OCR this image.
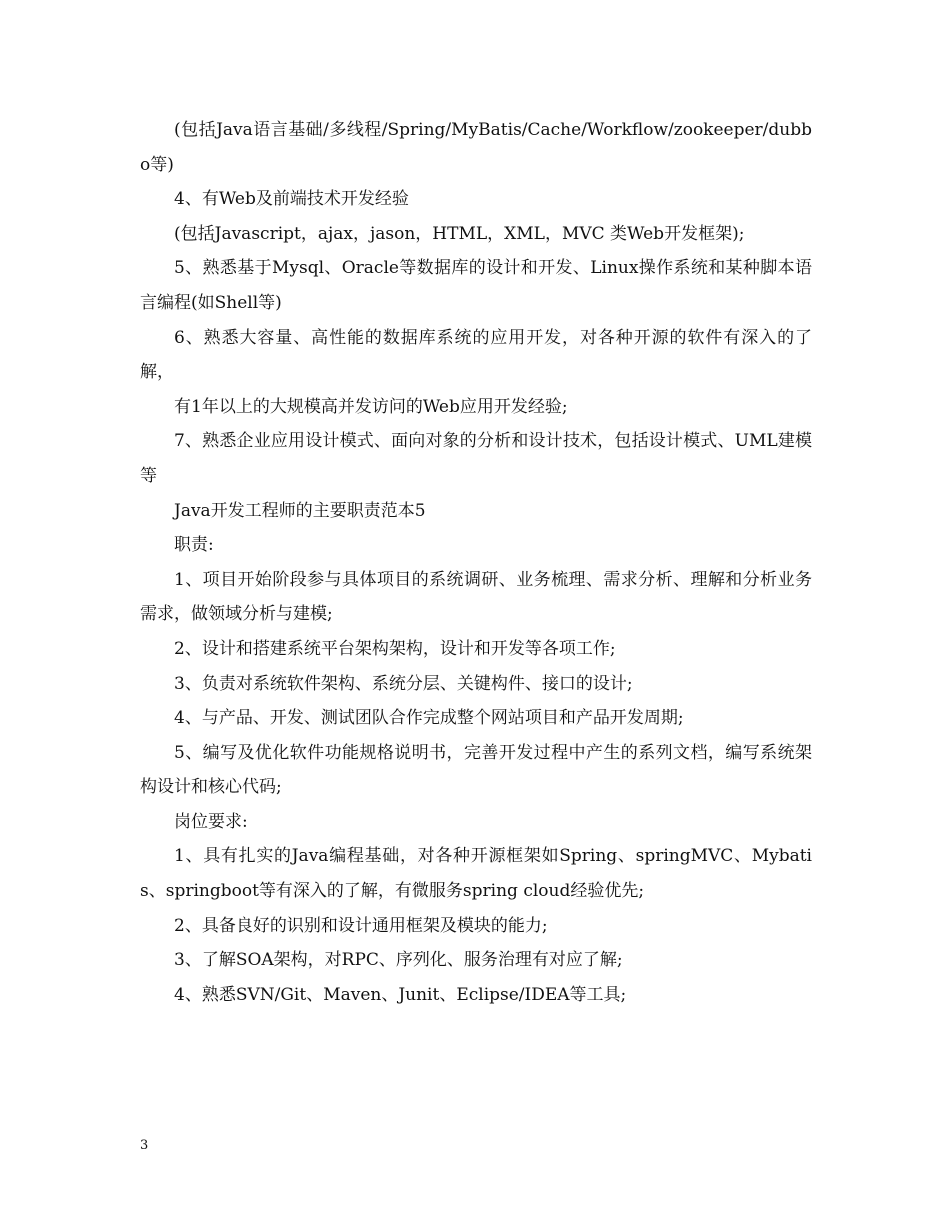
(包括Java语言基础/多线程/Spring/MyBatis/Cache/Workflow/zookeeper/dubbo等)

4、有Web及前端技术开发经验

(包括Javascript，ajax，jason，HTML，XML，MVC 类Web开发框架);

5、熟悉基于Mysql、Oracle等数据库的设计和开发、Linux操作系统和某种脚本语言编程(如Shell等)

6、熟悉大容量、高性能的数据库系统的应用开发，对各种开源的软件有深入的了解，

有1年以上的大规模高并发访问的Web应用开发经验;

7、熟悉企业应用设计模式、面向对象的分析和设计技术，包括设计模式、UML建模等

Java开发工程师的主要职责范本5

职责:

1、项目开始阶段参与具体项目的系统调研、业务梳理、需求分析、理解和分析业务需求，做领域分析与建模;

2、设计和搭建系统平台架构架构，设计和开发等各项工作;

3、负责对系统软件架构、系统分层、关键构件、接口的设计;

4、与产品、开发、测试团队合作完成整个网站项目和产品开发周期;

5、编写及优化软件功能规格说明书，完善开发过程中产生的系列文档，编写系统架构设计和核心代码;

岗位要求:

1、具有扎实的Java编程基础，对各种开源框架如Spring、springMVC、Mybatis、springboot等有深入的了解，有微服务spring cloud经验优先;

2、具备良好的识别和设计通用框架及模块的能力;

3、了解SOA架构，对RPC、序列化、服务治理有对应了解;

4、熟悉SVN/Git、Maven、Junit、Eclipse/IDEA等工具;

3
